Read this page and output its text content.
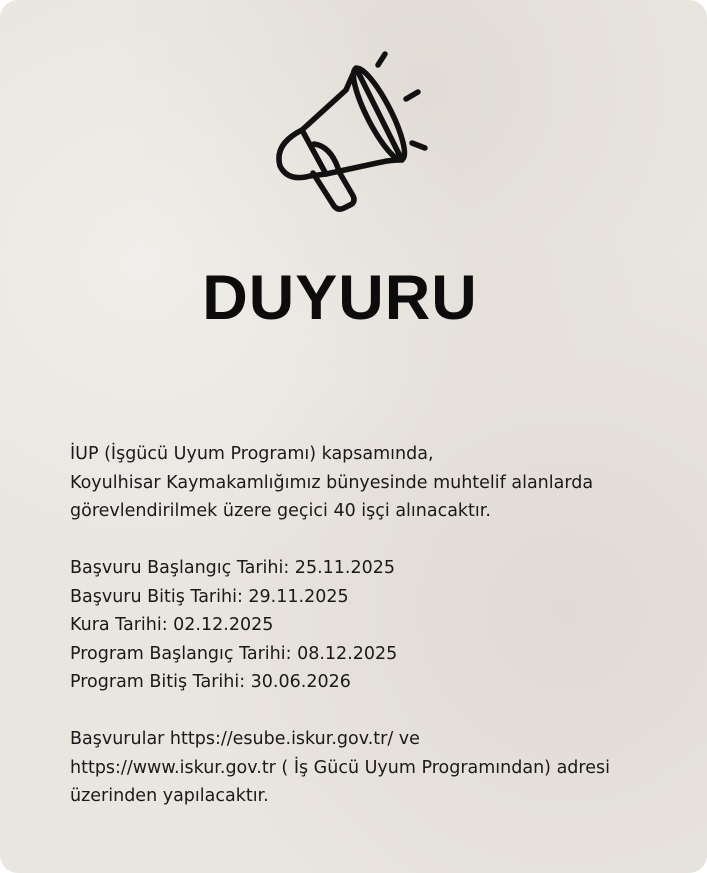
DUYURU
İUP (İşgücü Uyum Programı) kapsamında,
Koyulhisar Kaymakamlığımız bünyesinde muhtelif alanlarda
görevlendirilmek üzere geçici 40 işçi alınacaktır.
Başvuru Başlangıç Tarihi: 25.11.2025
Başvuru Bitiş Tarihi: 29.11.2025
Kura Tarihi: 02.12.2025
Program Başlangıç Tarihi: 08.12.2025
Program Bitiş Tarihi: 30.06.2026
Başvurular https://esube.iskur.gov.tr/ ve
https://www.iskur.gov.tr ( İş Gücü Uyum Programından) adresi
üzerinden yapılacaktır.
